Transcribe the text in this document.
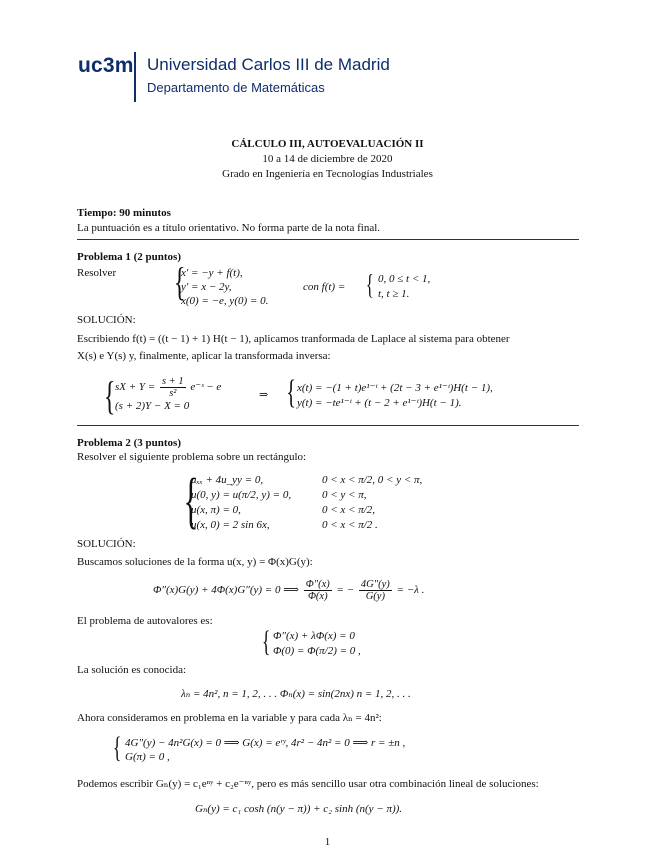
uc3m Universidad Carlos III de Madrid
Departamento de Matemáticas
CÁLCULO III, AUTOEVALUACIÓN II
10 a 14 de diciembre de 2020
Grado en Ingeniería en Tecnologías Industriales
Tiempo: 90 minutos
La puntuación es a título orientativo. No forma parte de la nota final.
Problema 1 (2 puntos)
Resolver {
x′ = −y + f(t),
y′ = x − 2y,
x(0) = −e, y(0) = 0.
con f(t) = { 0, 0 ≤ t < 1,
t, t ≥ 1.
SOLUCIÓN:
Escribiendo f(t) = ((t − 1) + 1) H(t − 1), aplicamos tranformada de Laplace al sistema para obtener
X(s) e Y(s) y, finalmente, aplicar la transformada inversa:
{ sX + $Y = \frac{s + 1}{\text{s²}}$ e⁻ˢ − e
(s + 2)Y − X = 0
⇒ { x(t) = −(1 + t)e¹⁻ᵗ + (2t − 3 + e¹⁻ᵗ)H(t − 1),
y(t) = −te¹⁻ᵗ + (t − 2 + e¹⁻ᵗ)H(t − 1).
Problema 2 (3 puntos)
Resolver el siguiente problema sobre un rectángulo:
{
uₓₓ + 4u_yy = 0,	0 < x < π/2, 0 < y < π,
u(0, y) = u(π/2, y) = 0,	0 < y < π,
u(x, π) = 0,	0 < x < π/2,
u(x, 0) = 2 sin 6x,	0 < x < π/2 .
SOLUCIÓN:
Buscamos soluciones de la forma u(x, y) = Φ(x)G(y):
Φ″(x)G(y) + 4Φ(x)G″(y) = 0 ⟹ $\frac{\Phi''(x)}{\Phi(x)}$ = − $\frac{4G''(y)}{G(y)} = -\lambda$ .
El problema de autovalores es:
{ Φ″(x) + λΦ(x) = 0
Φ(0) = Φ(π/2) = 0 ,
La solución es conocida:
λₙ = 4n², n = 1, 2, . . . Φₙ(x) = sin(2nx) n = 1, 2, . . .
Ahora consideramos en problema en la variable y para cada λₙ = 4n²:
{ 4G″(y) − 4n²G(x) = 0 ⟹ G(x) = eʳʸ, 4r² − 4n² = 0 ⟹ r = ±n ,
G(π) = 0 ,
Podemos escribir Gₙ(y) = c₁eⁿʸ + c₂e⁻ⁿʸ, pero es más sencillo usar otra combinación lineal de soluciones:
Gₙ(y) = c₁ cosh (n(y − π)) + c₂ sinh (n(y − π)).
1
